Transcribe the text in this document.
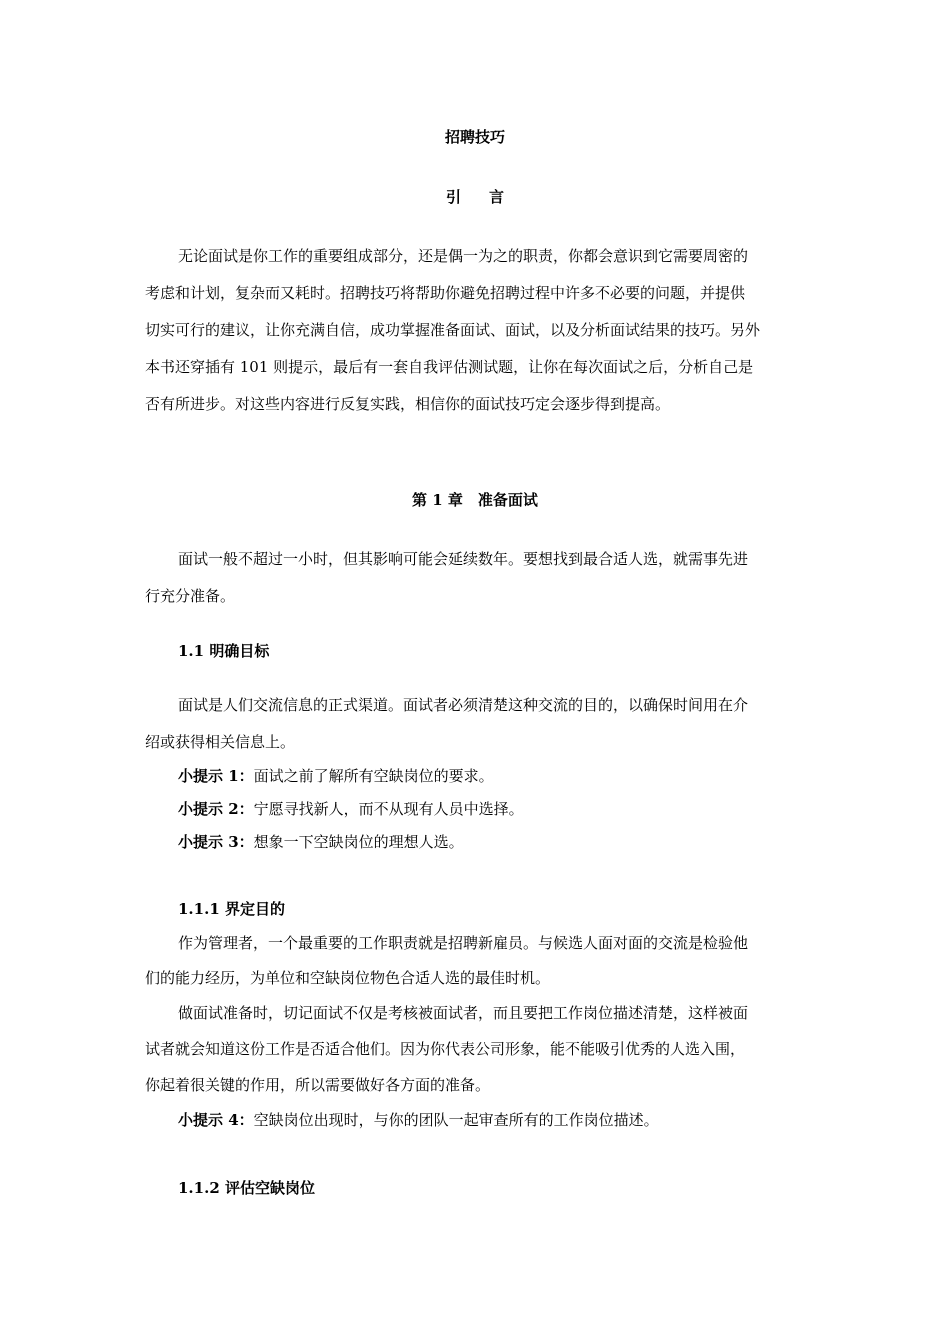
招聘技巧
引言
无论面试是你工作的重要组成部分，还是偶一为之的职责，你都会意识到它需要周密的
考虑和计划，复杂而又耗时。招聘技巧将帮助你避免招聘过程中许多不必要的问题，并提供
切实可行的建议，让你充满自信，成功掌握准备面试、面试，以及分析面试结果的技巧。另外
本书还穿插有 101 则提示，最后有一套自我评估测试题，让你在每次面试之后，分析自己是
否有所进步。对这些内容进行反复实践，相信你的面试技巧定会逐步得到提高。
第 1 章　准备面试
面试一般不超过一小时，但其影响可能会延续数年。要想找到最合适人选，就需事先进
行充分准备。
1.1 明确目标
面试是人们交流信息的正式渠道。面试者必须清楚这种交流的目的，以确保时间用在介
绍或获得相关信息上。
小提示 1：面试之前了解所有空缺岗位的要求。
小提示 2：宁愿寻找新人，而不从现有人员中选择。
小提示 3：想象一下空缺岗位的理想人选。
1.1.1 界定目的
作为管理者，一个最重要的工作职责就是招聘新雇员。与候选人面对面的交流是检验他
们的能力经历，为单位和空缺岗位物色合适人选的最佳时机。
做面试准备时，切记面试不仅是考核被面试者，而且要把工作岗位描述清楚，这样被面
试者就会知道这份工作是否适合他们。因为你代表公司形象，能不能吸引优秀的人选入围，
你起着很关键的作用，所以需要做好各方面的准备。
小提示 4：空缺岗位出现时，与你的团队一起审查所有的工作岗位描述。
1.1.2 评估空缺岗位
